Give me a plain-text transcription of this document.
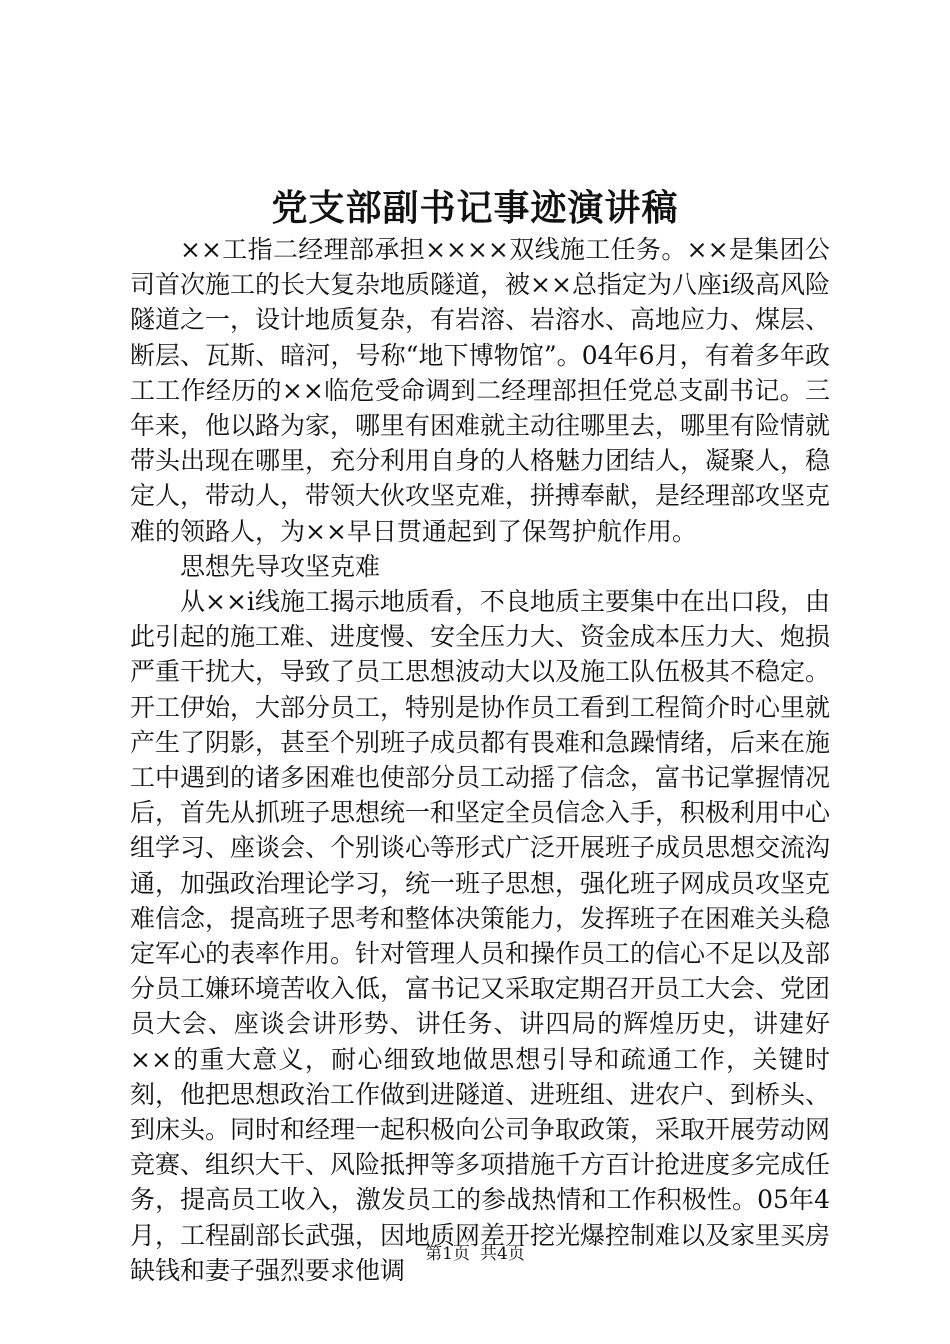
党支部副书记事迹演讲稿

××工指二经理部承担××××双线施工任务。××是集团公司首次施工的长大复杂地质隧道，被××总指定为八座ⅰ级高风险隧道之一，设计地质复杂，有岩溶、岩溶水、高地应力、煤层、断层、瓦斯、暗河，号称“地下博物馆”。04年6月，有着多年政工工作经历的××临危受命调到二经理部担任党总支副书记。三年来，他以路为家，哪里有困难就主动往哪里去，哪里有险情就带头出现在哪里，充分利用自身的人格魅力团结人，凝聚人，稳定人，带动人，带领大伙攻坚克难，拼搏奉献，是经理部攻坚克难的领路人，为××早日贯通起到了保驾护航作用。

思想先导攻坚克难

从××ⅰ线施工揭示地质看，不良地质主要集中在出口段，由此引起的施工难、进度慢、安全压力大、资金成本压力大、炮损严重干扰大，导致了员工思想波动大以及施工队伍极其不稳定。开工伊始，大部分员工，特别是协作员工看到工程简介时心里就产生了阴影，甚至个别班子成员都有畏难和急躁情绪，后来在施工中遇到的诸多困难也使部分员工动摇了信念，富书记掌握情况后，首先从抓班子思想统一和坚定全员信念入手，积极利用中心组学习、座谈会、个别谈心等形式广泛开展班子成员思想交流沟通，加强政治理论学习，统一班子思想，强化班子网成员攻坚克难信念，提高班子思考和整体决策能力，发挥班子在困难关头稳定军心的表率作用。针对管理人员和操作员工的信心不足以及部分员工嫌环境苦收入低，富书记又采取定期召开员工大会、党团员大会、座谈会讲形势、讲任务、讲四局的辉煌历史，讲建好××的重大意义，耐心细致地做思想引导和疏通工作，关键时刻，他把思想政治工作做到进隧道、进班组、进农户、到桥头、到床头。同时和经理一起积极向公司争取政策，采取开展劳动网竞赛、组织大干、风险抵押等多项措施千方百计抢进度多完成任务，提高员工收入，激发员工的参战热情和工作积极性。05年4月，工程副部长武强，因地质网差开挖光爆控制难以及家里买房缺钱和妻子强烈要求他调

第1页 共4页
